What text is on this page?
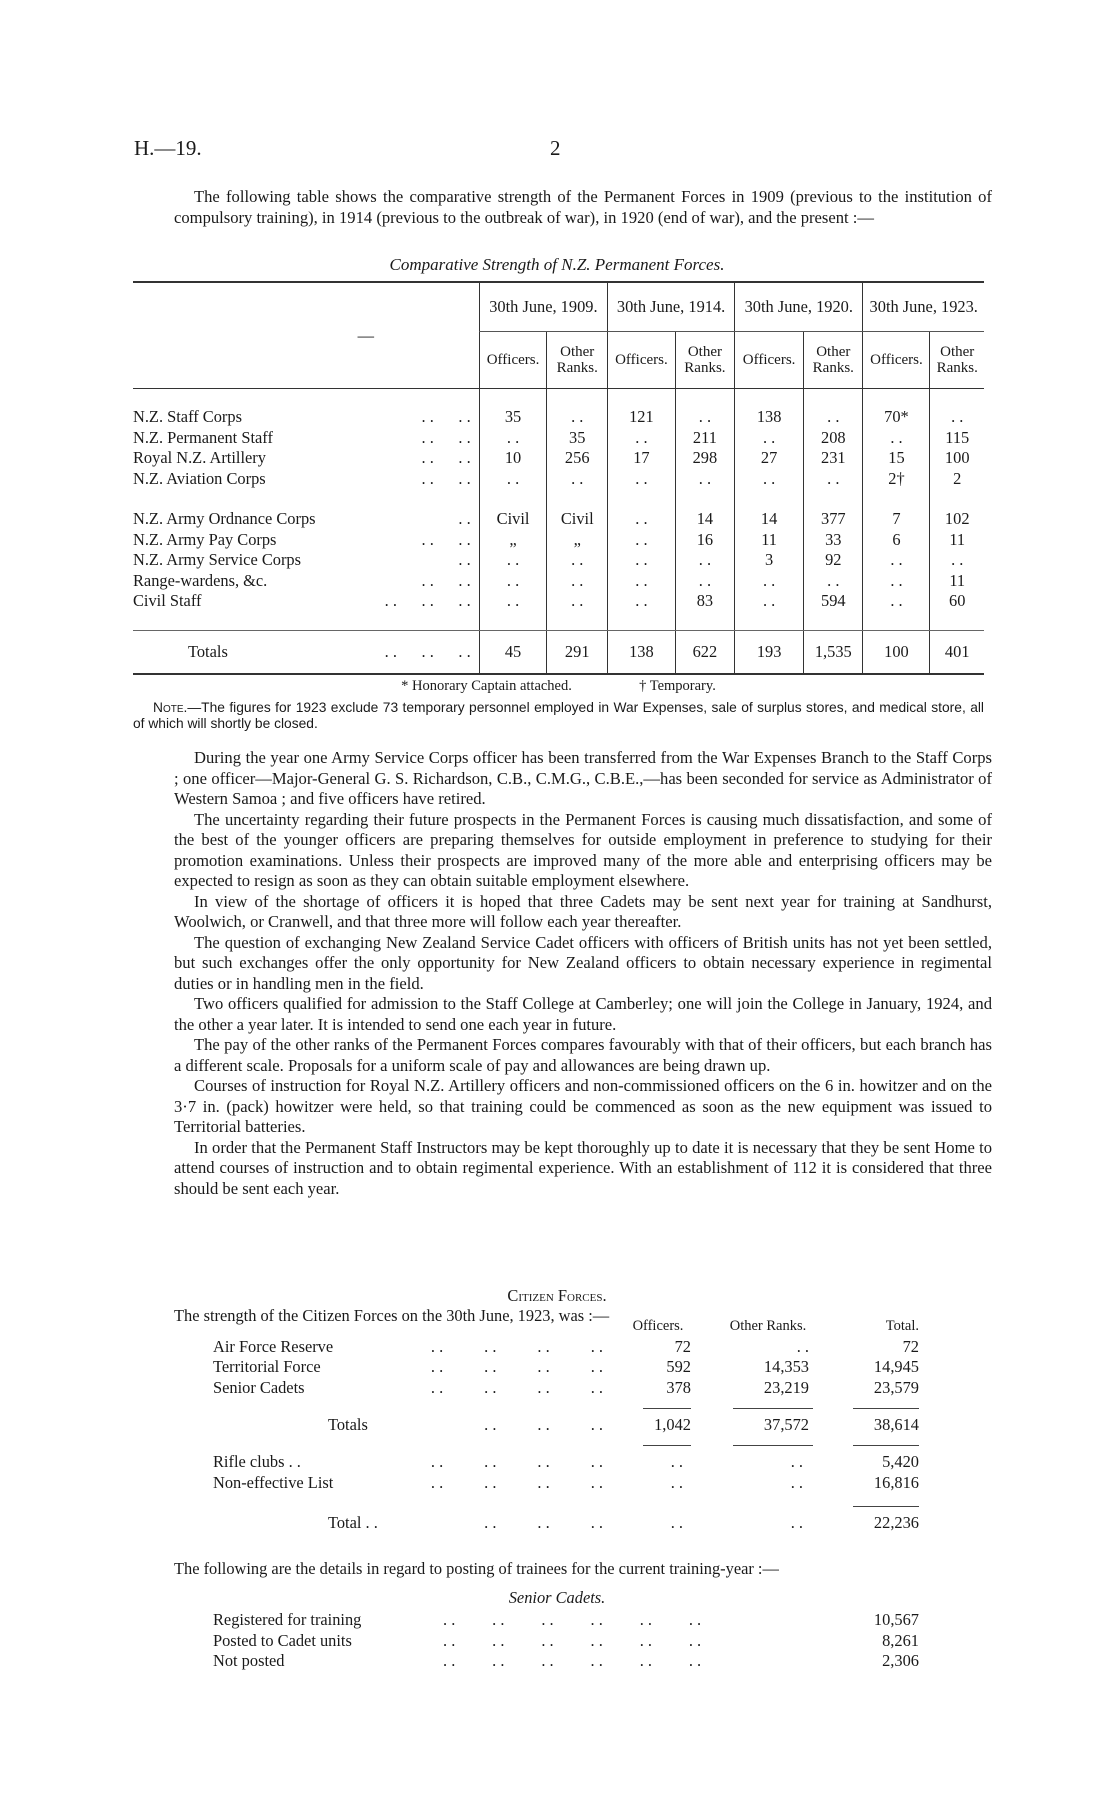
H.—19.	2
The following table shows the comparative strength of the Permanent Forces in 1909 (previous to the institution of compulsory training), in 1914 (previous to the outbreak of war), in 1920 (end of war), and the present :—
Comparative Strength of N.Z. Permanent Forces.
—	30th June, 1909.		30th June, 1914.		30th June, 1920.		30th June, 1923.	
	Officers.	Other Ranks.	Officers.	Other Ranks.	Officers.	Other Ranks.	Officers.	Other Ranks.

N.Z. Staff Corps . .      . .	35	. .	121	. .	138	. .	70*	. .
N.Z. Permanent Staff . .      . .	. .	35	. .	211	. .	208	. .	115
Royal N.Z. Artillery . .      . .	10	256	17	298	27	231	15	100
N.Z. Aviation Corps . .      . .	. .	. .	. .	. .	. .	. .	2†	2

N.Z. Army Ordnance Corps . .	Civil	Civil	. .	14	14	377	7	102
N.Z. Army Pay Corps . .      . .	„	„	. .	16	11	33	6	11
N.Z. Army Service Corps . .	. .	. .	. .	. .	3	92	. .	. .
Range-wardens, &c. . .      . .	. .	. .	. .	. .	. .	. .	. .	11
Civil Staff . .      . .      . .	. .	. .	. .	83	. .	594	. .	60

Totals . .      . .      . .	45	291	138	622	193	1,535	100	401
* Honorary Captain attached.	† Temporary.
Note.—The figures for 1923 exclude 73 temporary personnel employed in War Expenses, sale of surplus stores, and medical store, all of which will shortly be closed.

During the year one Army Service Corps officer has been transferred from the War Expenses Branch to the Staff Corps ; one officer—Major-General G. S. Richardson, C.B., C.M.G., C.B.E.,—has been seconded for service as Administrator of Western Samoa ; and five officers have retired.

The uncertainty regarding their future prospects in the Permanent Forces is causing much dissatisfaction, and some of the best of the younger officers are preparing themselves for outside employment in preference to studying for their promotion examinations. Unless their prospects are improved many of the more able and enterprising officers may be expected to resign as soon as they can obtain suitable employment elsewhere.

In view of the shortage of officers it is hoped that three Cadets may be sent next year for training at Sandhurst, Woolwich, or Cranwell, and that three more will follow each year thereafter.

The question of exchanging New Zealand Service Cadet officers with officers of British units has not yet been settled, but such exchanges offer the only opportunity for New Zealand officers to obtain necessary experience in regimental duties or in handling men in the field.

Two officers qualified for admission to the Staff College at Camberley; one will join the College in January, 1924, and the other a year later. It is intended to send one each year in future.

The pay of the other ranks of the Permanent Forces compares favourably with that of their officers, but each branch has a different scale. Proposals for a uniform scale of pay and allowances are being drawn up.

Courses of instruction for Royal N.Z. Artillery officers and non-commissioned officers on the 6 in. howitzer and on the 3·7 in. (pack) howitzer were held, so that training could be commenced as soon as the new equipment was issued to Territorial batteries.

In order that the Permanent Staff Instructors may be kept thoroughly up to date it is necessary that they be sent Home to attend courses of instruction and to obtain regimental experience. With an establishment of 112 it is considered that three should be sent each year.

Citizen Forces.
The strength of the Citizen Forces on the 30th June, 1923, was :—
	Officers.	Other Ranks.	Total.
Air Force Reserve . .          . .          . .          . .	72	. .	72
Territorial Force . .          . .          . .          . .	592	14,353	14,945
Senior Cadets . .          . .          . .          . .	378	23,219	23,579

Totals . .          . .          . .	1,042	37,572	38,614

Rifle clubs . . . .          . .          . .          . .	. .	. .	5,420
Non-effective List . .          . .          . .          . .	. .	. .	16,816

Total . . . .          . .          . .	. .	. .	22,236
The following are the details in regard to posting of trainees for the current training-year :—
Senior Cadets.
Registered for training	. .         . .         . .         . .         . .         . .	10,567
Posted to Cadet units	. .         . .         . .         . .         . .         . .	8,261
Not posted	. .         . .         . .         . .         . .         . .	2,306
